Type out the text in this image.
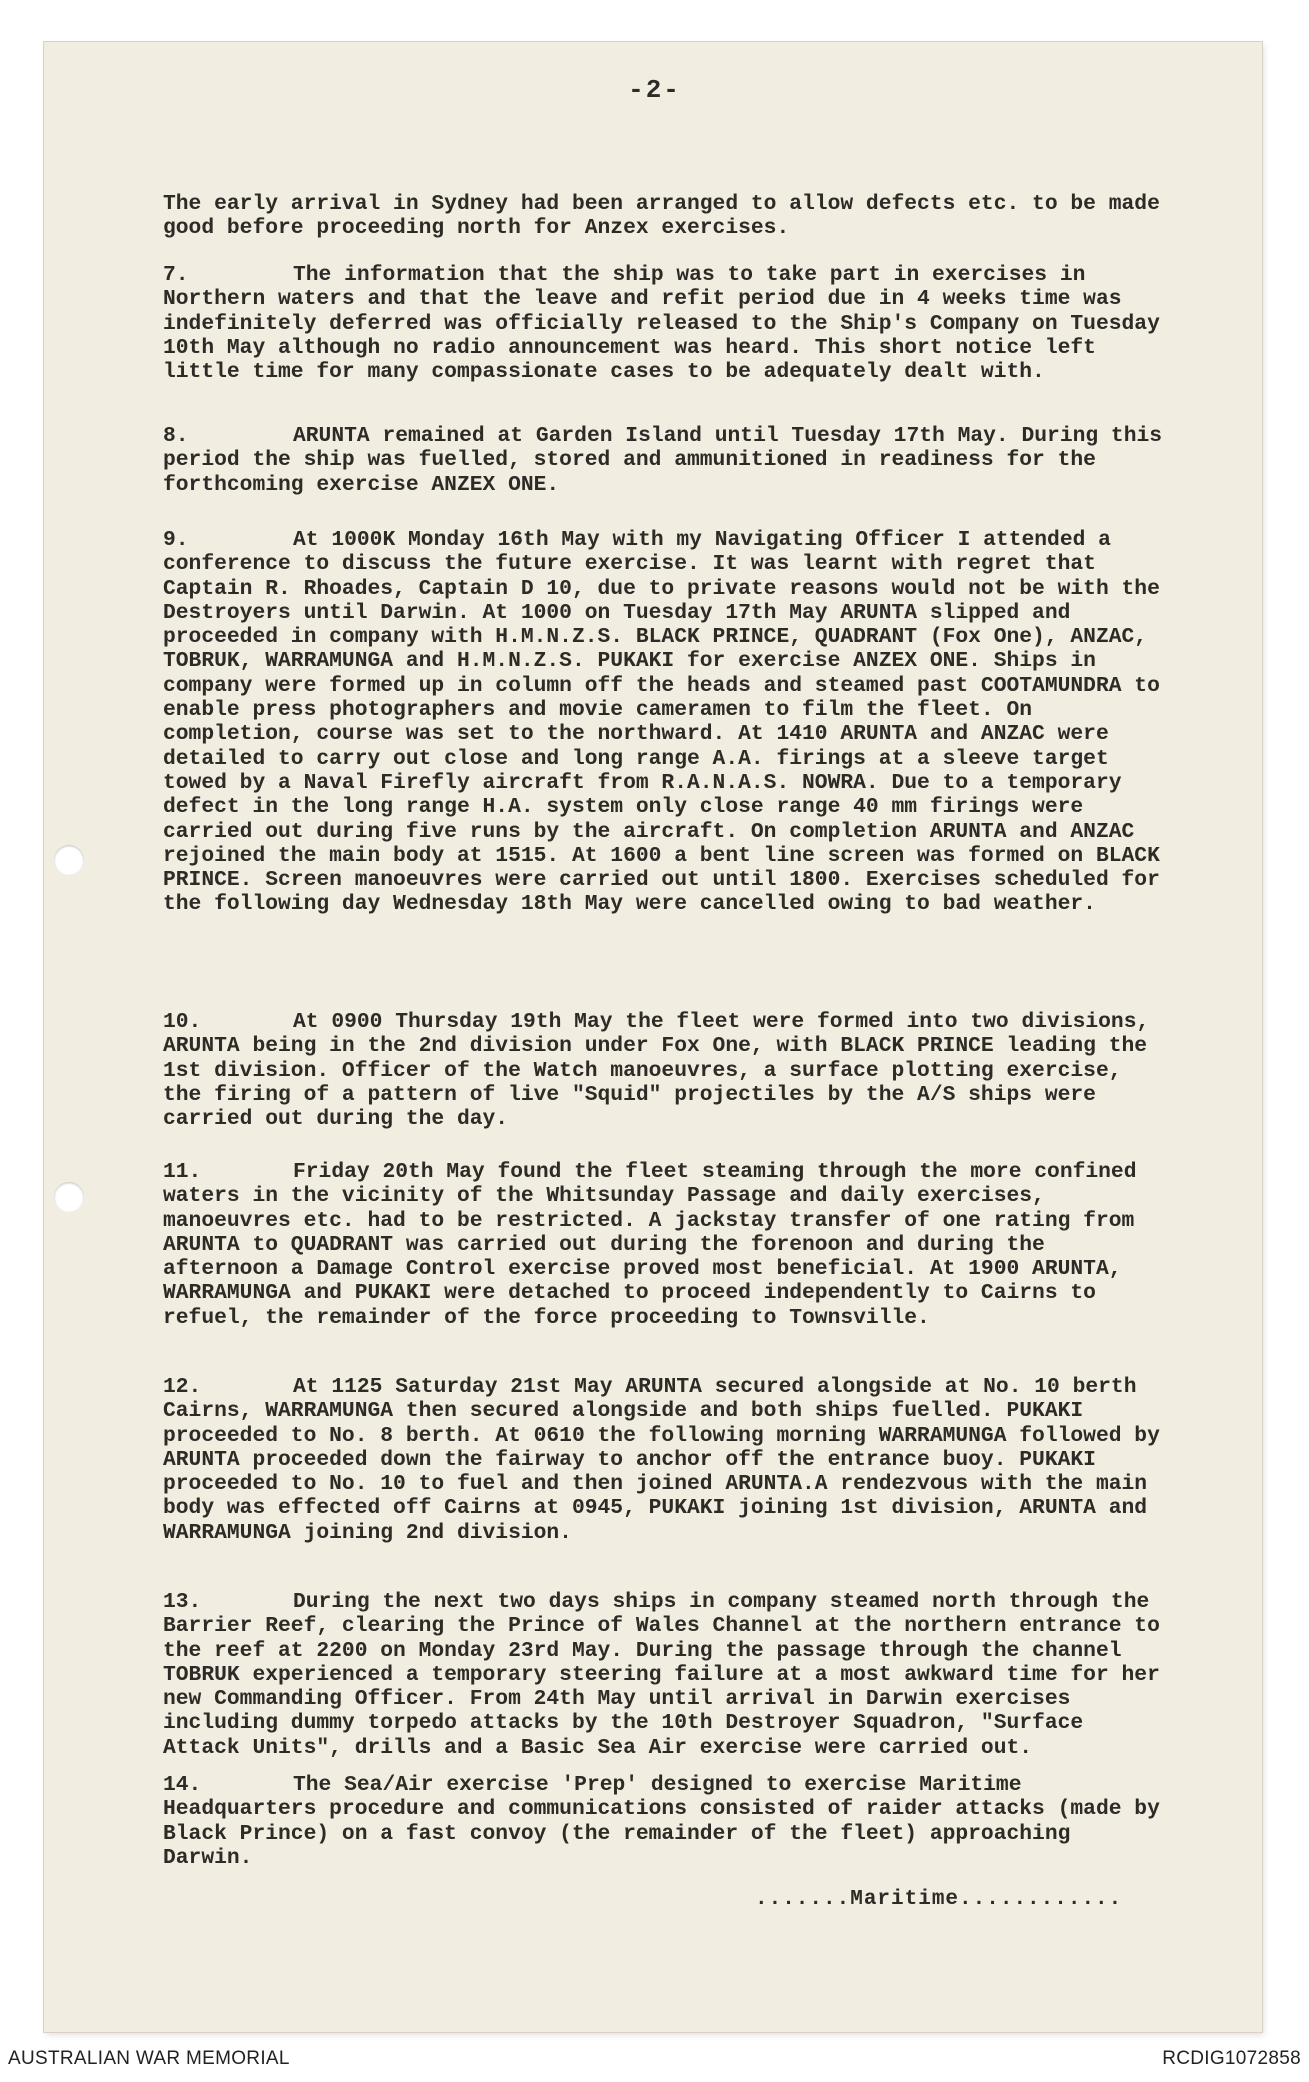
-2-

The early arrival in Sydney had been arranged to allow defects etc. to be made good before proceeding north for Anzex exercises.

7.	The information that the ship was to take part in exercises in Northern waters and that the leave and refit period due in 4 weeks time was indefinitely deferred was officially released to the Ship's Company on Tuesday 10th May although no radio announcement was heard. This short notice left little time for many compassionate cases to be adequately dealt with.

8.	ARUNTA remained at Garden Island until Tuesday 17th May. During this period the ship was fuelled, stored and ammunitioned in readiness for the forthcoming exercise ANZEX ONE.

9.	At 1000K Monday 16th May with my Navigating Officer I attended a conference to discuss the future exercise. It was learnt with regret that Captain R. Rhoades, Captain D 10, due to private reasons would not be with the Destroyers until Darwin. At 1000 on Tuesday 17th May ARUNTA slipped and proceeded in company with H.M.N.Z.S. BLACK PRINCE, QUADRANT (Fox One), ANZAC, TOBRUK, WARRAMUNGA and H.M.N.Z.S. PUKAKI for exercise ANZEX ONE. Ships in company were formed up in column off the heads and steamed past COOTAMUNDRA to enable press photographers and movie cameramen to film the fleet. On completion, course was set to the northward. At 1410 ARUNTA and ANZAC were detailed to carry out close and long range A.A. firings at a sleeve target towed by a Naval Firefly aircraft from R.A.N.A.S. NOWRA. Due to a temporary defect in the long range H.A. system only close range 40 mm firings were carried out during five runs by the aircraft. On completion ARUNTA and ANZAC rejoined the main body at 1515. At 1600 a bent line screen was formed on BLACK PRINCE. Screen manoeuvres were carried out until 1800. Exercises scheduled for the following day Wednesday 18th May were cancelled owing to bad weather.

10.	At 0900 Thursday 19th May the fleet were formed into two divisions, ARUNTA being in the 2nd division under Fox One, with BLACK PRINCE leading the 1st division. Officer of the Watch manoeuvres, a surface plotting exercise, the firing of a pattern of live "Squid" projectiles by the A/S ships were carried out during the day.

11.	Friday 20th May found the fleet steaming through the more confined waters in the vicinity of the Whitsunday Passage and daily exercises, manoeuvres etc. had to be restricted. A jackstay transfer of one rating from ARUNTA to QUADRANT was carried out during the forenoon and during the afternoon a Damage Control exercise proved most beneficial. At 1900 ARUNTA, WARRAMUNGA and PUKAKI were detached to proceed independently to Cairns to refuel, the remainder of the force proceeding to Townsville.

12.	At 1125 Saturday 21st May ARUNTA secured alongside at No. 10 berth Cairns, WARRAMUNGA then secured alongside and both ships fuelled. PUKAKI proceeded to No. 8 berth. At 0610 the following morning WARRAMUNGA followed by ARUNTA proceeded down the fairway to anchor off the entrance buoy. PUKAKI proceeded to No. 10 to fuel and then joined ARUNTA.A rendezvous with the main body was effected off Cairns at 0945, PUKAKI joining 1st division, ARUNTA and WARRAMUNGA joining 2nd division.

13.	During the next two days ships in company steamed north through the Barrier Reef, clearing the Prince of Wales Channel at the northern entrance to the reef at 2200 on Monday 23rd May. During the passage through the channel TOBRUK experienced a temporary steering failure at a most awkward time for her new Commanding Officer. From 24th May until arrival in Darwin exercises including dummy torpedo attacks by the 10th Destroyer Squadron, "Surface Attack Units", drills and a Basic Sea Air exercise were carried out.

14.	The Sea/Air exercise 'Prep' designed to exercise Maritime Headquarters procedure and communications consisted of raider attacks (made by Black Prince) on a fast convoy (the remainder of the fleet) approaching Darwin.

.......Maritime............
AUSTRALIAN WAR MEMORIAL	RCDIG1072858
